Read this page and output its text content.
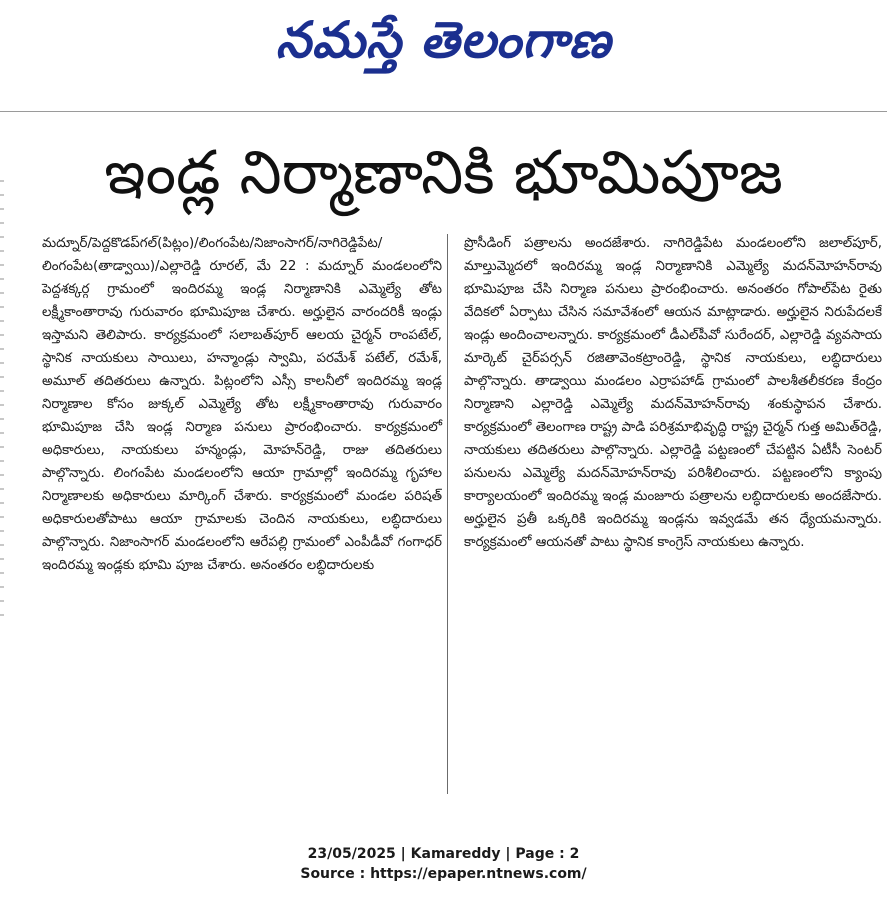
నమస్తే తెలంగాణ
ఇండ్ల నిర్మాణానికి భూమిపూజ

మద్నూర్/పెద్దకొడప్‌గల్(పిట్లం)/లింగంపేట/నిజాంసాగర్/నాగిరెడ్డిపేట/లింగంపేట(తాడ్వాయి)/ఎల్లారెడ్డి రూరల్, మే 22 : మద్నూర్ మండలంలోని పెద్దశక్కర్గ గ్రామంలో ఇందిరమ్మ ఇండ్ల నిర్మాణానికి ఎమ్మెల్యే తోట లక్ష్మీకాంతారావు గురువారం భూమిపూజ చేశారు. అర్హులైన వారందరికీ ఇండ్లు ఇస్తామని తెలిపారు. కార్యక్రమంలో సలాబత్‌పూర్ ఆలయ చైర్మన్ రాంపటేల్, స్థానిక నాయకులు సాయిలు, హన్మాండ్లు స్వామి, పరమేశ్ పటేల్, రమేశ్, అమూల్ తదితరులు ఉన్నారు. పిట్లంలోని ఎస్సీ కాలనీలో ఇందిరమ్మ ఇండ్ల నిర్మాణాల కోసం జుక్కల్ ఎమ్మెల్యే తోట లక్ష్మీకాంతారావు గురువారం భూమిపూజ చేసి ఇండ్ల నిర్మాణ పనులు ప్రారంభించారు. కార్యక్రమంలో అధికారులు, నాయకులు హన్మండ్లు, మోహన్‌రెడ్డి, రాజు తదితరులు పాల్గొన్నారు. లింగంపేట మండలంలోని ఆయా గ్రామాల్లో ఇందిరమ్మ గృహాల నిర్మాణాలకు అధికారులు మార్కింగ్ చేశారు. కార్యక్రమంలో మండల పరిషత్ అధికారులతోపాటు ఆయా గ్రామాలకు చెందిన నాయకులు, లబ్ధిదారులు పాల్గొన్నారు. నిజాంసాగర్ మండలంలోని ఆరేపల్లి గ్రామంలో ఎంపీడీవో గంగాధర్ ఇందిరమ్మ ఇండ్లకు భూమి పూజ చేశారు. అనంతరం లబ్ధిదారులకు

ప్రొసీడింగ్ పత్రాలను అందజేశారు. నాగిరెడ్డిపేట మండలంలోని జలాల్‌పూర్, మాల్తుమ్మెదలో ఇందిరమ్మ ఇండ్ల నిర్మాణానికి ఎమ్మెల్యే మదన్‌మోహన్‌రావు భూమిపూజ చేసి నిర్మాణ పనులు ప్రారంభించారు. అనంతరం గోపాల్‌పేట రైతు వేదికలో ఏర్పాటు చేసిన సమావేశంలో ఆయన మాట్లాడారు. అర్హులైన నిరుపేదలకే ఇండ్లు అందించాలన్నారు. కార్యక్రమంలో డీఎల్‌పీవో సురేందర్, ఎల్లారెడ్డి వ్యవసాయ మార్కెట్ చైర్‌పర్సన్ రజితావెంకట్రాంరెడ్డి, స్థానిక నాయకులు, లబ్ధిదారులు పాల్గొన్నారు. తాడ్వాయి మండలం ఎర్రాపహాడ్ గ్రామంలో పాలశీతలీకరణ కేంద్రం నిర్మాణాని ఎల్లారెడ్డి ఎమ్మెల్యే మదన్‌మోహన్‌రావు శంకుస్థాపన చేశారు. కార్యక్రమంలో తెలంగాణ రాష్ట్ర పాడి పరిశ్రమాభివృద్ధి రాష్ట్ర చైర్మన్ గుత్త అమిత్‌రెడ్డి, నాయకులు తదితరులు పాల్గొన్నారు. ఎల్లారెడ్డి పట్టణంలో చేపట్టిన ఏటీసీ సెంటర్ పనులను ఎమ్మెల్యే మదన్‌మోహన్‌రావు పరిశీలించారు. పట్టణంలోని క్యాంపు కార్యాలయంలో ఇందిరమ్మ ఇండ్ల మంజూరు పత్రాలను లబ్ధిదారులకు అందజేసారు. అర్హులైన ప్రతీ ఒక్కరికి ఇందిరమ్మ ఇండ్లను ఇవ్వడమే తన ధ్యేయమన్నారు. కార్యక్రమంలో ఆయనతో పాటు స్థానిక కాంగ్రెస్ నాయకులు ఉన్నారు.

23/05/2025 | Kamareddy | Page : 2
Source : https://epaper.ntnews.com/
